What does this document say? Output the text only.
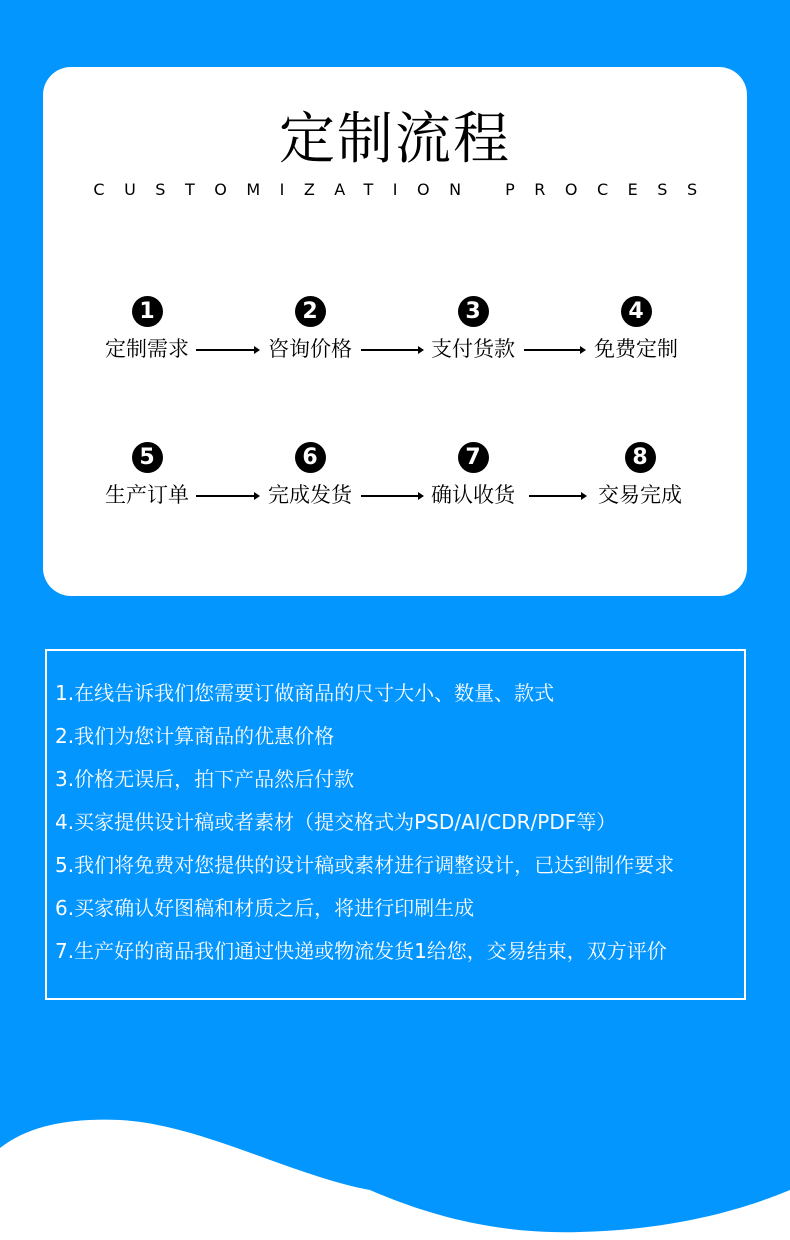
定制流程
CUSTOMIZATION PROCESS
1
定制需求
2
咨询价格
3
支付货款
4
免费定制
5
生产订单
6
完成发货
7
确认收货
8
交易完成
1.在线告诉我们您需要订做商品的尺寸大小、数量、款式
2.我们为您计算商品的优惠价格
3.价格无误后，拍下产品然后付款
4.买家提供设计稿或者素材（提交格式为PSD/AI/CDR/PDF等）
5.我们将免费对您提供的设计稿或素材进行调整设计，已达到制作要求
6.买家确认好图稿和材质之后，将进行印刷生成
7.生产好的商品我们通过快递或物流发货1给您，交易结束，双方评价
